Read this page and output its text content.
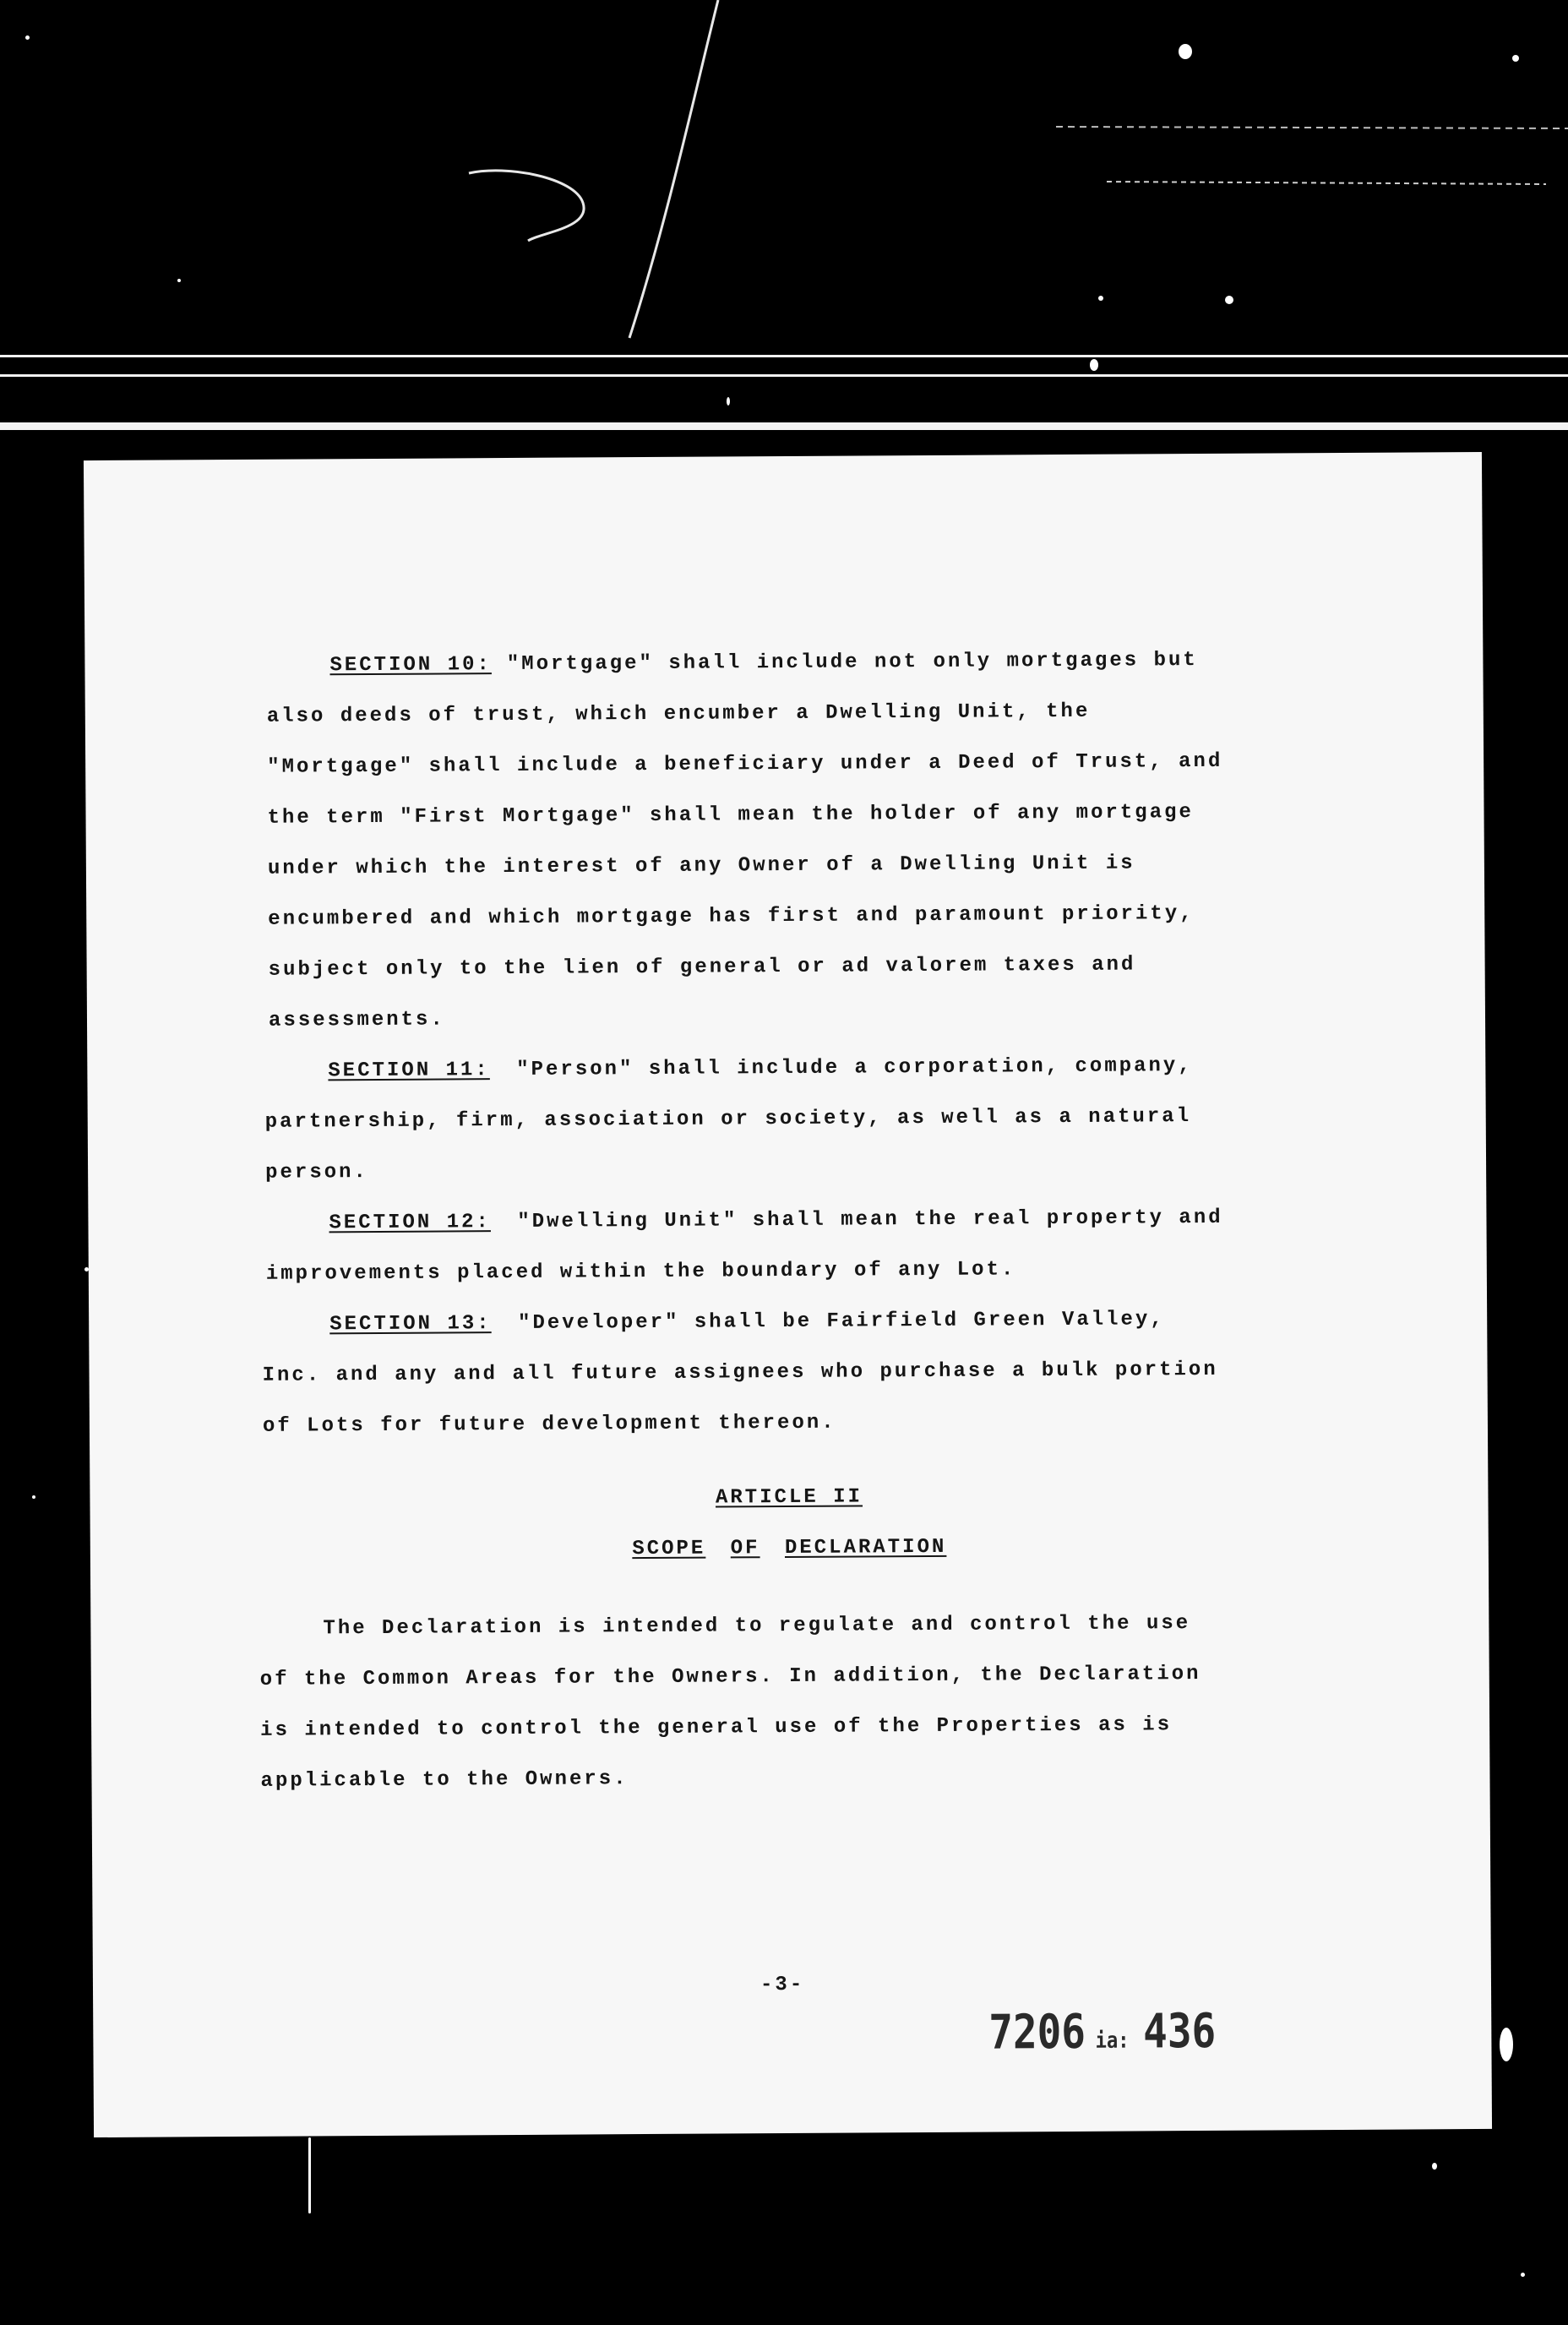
SECTION 10: "Mortgage" shall include not only mortgages but
also deeds of trust, which encumber a Dwelling Unit, the
"Mortgage" shall include a beneficiary under a Deed of Trust, and
the term "First Mortgage" shall mean the holder of any mortgage
under which the interest of any Owner of a Dwelling Unit is
encumbered and which mortgage has first and paramount priority,
subject only to the lien of general or ad valorem taxes and
assessments.
SECTION 11: "Person" shall include a corporation, company,
partnership, firm, association or society, as well as a natural
person.
SECTION 12: "Dwelling Unit" shall mean the real property and
improvements placed within the boundary of any Lot.
SECTION 13: "Developer" shall be Fairfield Green Valley,
Inc. and any and all future assignees who purchase a bulk portion
of Lots for future development thereon.
ARTICLE II
SCOPE OF DECLARATION
The Declaration is intended to regulate and control the use
of the Common Areas for the Owners. In addition, the Declaration
is intended to control the general use of the Properties as is
applicable to the Owners.
-3-
7206 ia: 436
